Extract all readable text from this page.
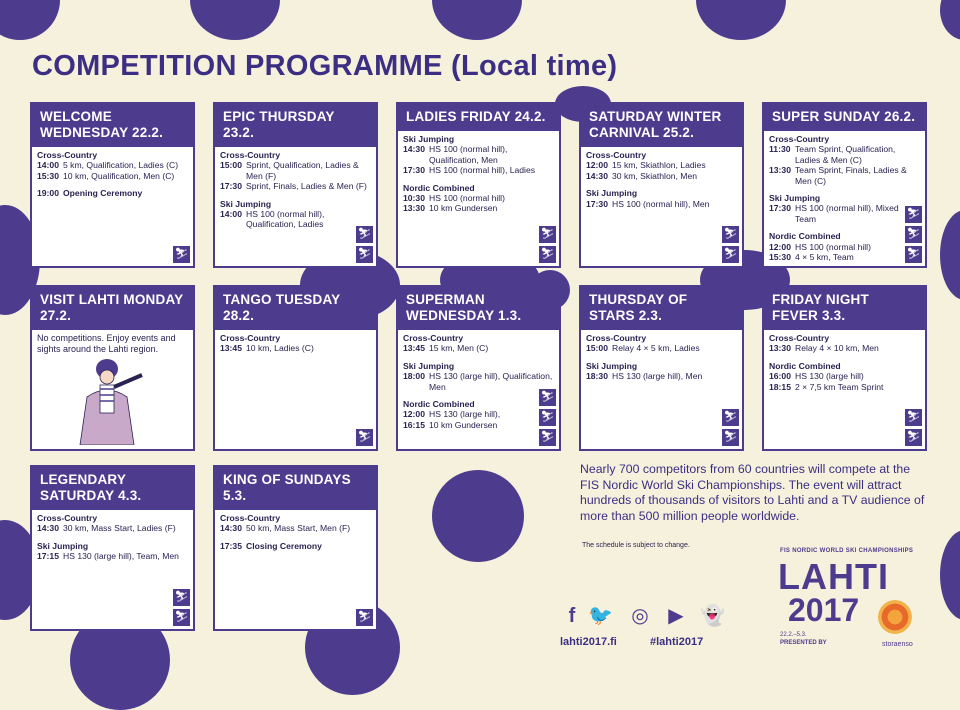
COMPETITION PROGRAMME (Local time)
WELCOME WEDNESDAY 22.2.
Cross-Country
14:00 5 km, Qualification, Ladies (C)
15:30 10 km, Qualification, Men (C)
19:00 Opening Ceremony
⛷
EPIC THURSDAY 23.2.
Cross-Country
15:00 Sprint, Qualification, Ladies & Men (F)
17:30 Sprint, Finals, Ladies & Men (F)
Ski Jumping
14:00 HS 100 (normal hill), Qualification, Ladies
⛷
⛷
LADIES FRIDAY 24.2.
Ski Jumping
14:30 HS 100 (normal hill), Qualification, Men
17:30 HS 100 (normal hill), Ladies
Nordic Combined
10:30 HS 100 (normal hill)
13:30 10 km Gundersen
⛷
⛷
SATURDAY WINTER CARNIVAL 25.2.
Cross-Country
12:00 15 km, Skiathlon, Ladies
14:30 30 km, Skiathlon, Men
Ski Jumping
17:30 HS 100 (normal hill), Men
⛷
⛷
SUPER SUNDAY 26.2.
Cross-Country
11:30 Team Sprint, Qualification, Ladies & Men (C)
13:30 Team Sprint, Finals, Ladies & Men (C)
Ski Jumping
17:30 HS 100 (normal hill), Mixed Team
Nordic Combined
12:00 HS 100 (normal hill)
15:30 4 × 5 km, Team	⛷
⛷
⛷
VISIT LAHTI MONDAY 27.2.
No competitions. Enjoy events and sights around the Lahti region.
TANGO TUESDAY 28.2.
Cross-Country
13:45 10 km, Ladies (C)
⛷
SUPERMAN WEDNESDAY 1.3.
Cross-Country
13:45 15 km, Men (C)
Ski Jumping
18:00 HS 130 (large hill), Qualification, Men
Nordic Combined
12:00 HS 130 (large hill),
16:15 10 km Gundersen
⛷
⛷
⛷
THURSDAY OF STARS 2.3.
Cross-Country
15:00 Relay 4 × 5 km, Ladies
Ski Jumping
18:30 HS 130 (large hill), Men
⛷
⛷
FRIDAY NIGHT FEVER 3.3.
Cross-Country
13:30 Relay 4 × 10 km, Men
Nordic Combined
16:00 HS 130 (large hill)
18:15 2 × 7,5 km Team Sprint
⛷
⛷
LEGENDARY SATURDAY 4.3.
Cross-Country
14:30 30 km, Mass Start, Ladies (F)
Ski Jumping
17:15 HS 130 (large hill), Team, Men
⛷
⛷
KING OF SUNDAYS 5.3.
Cross-Country
14:30 50 km, Mass Start, Men (F)
17:35 Closing Ceremony
⛷
Nearly 700 competitors from 60 countries will compete at the FIS Nordic World Ski Championships. The event will attract hundreds of thousands of visitors to Lahti and a TV audience of more than 500 million people worldwide.
The schedule is subject to change.
f 🐦 ◎ ▶ 👻
lahti2017.fi	#lahti2017
FIS NORDIC WORLD SKI CHAMPIONSHIPS
LAHTI
2017
22.2.–5.3.
PRESENTED BY	storaenso
